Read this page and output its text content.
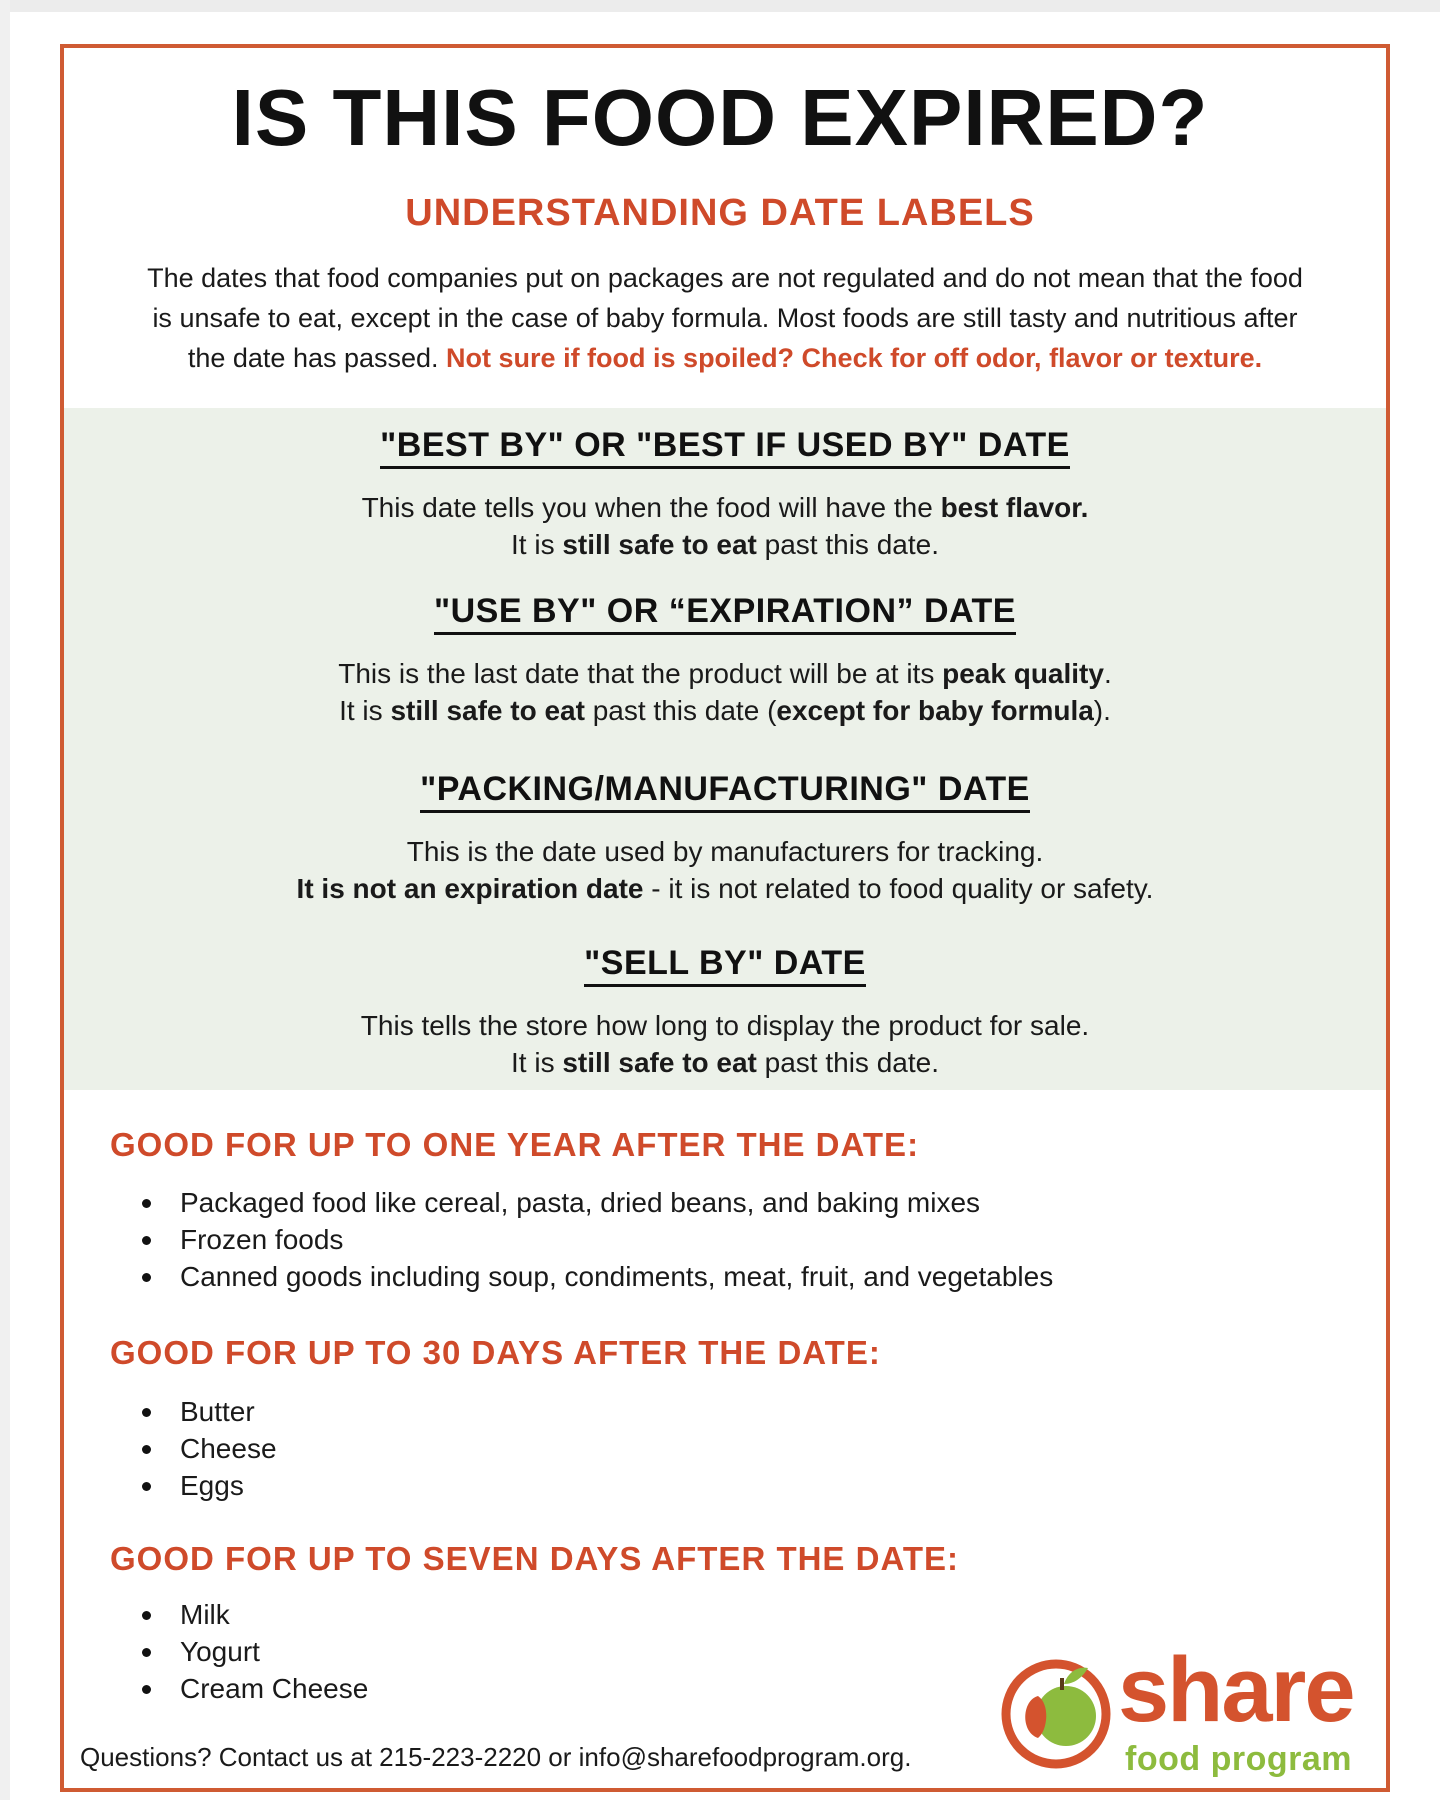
IS THIS FOOD EXPIRED?
UNDERSTANDING DATE LABELS

The dates that food companies put on packages are not regulated and do not mean that the food
is unsafe to eat, except in the case of baby formula. Most foods are still tasty and nutritious after
the date has passed. Not sure if food is spoiled? Check for off odor, flavor or texture.

"BEST BY" OR "BEST IF USED BY" DATE
This date tells you when the food will have the best flavor.
It is still safe to eat past this date.
"USE BY" OR “EXPIRATION” DATE
This is the last date that the product will be at its peak quality.
It is still safe to eat past this date (except for baby formula).
"PACKING/MANUFACTURING" DATE
This is the date used by manufacturers for tracking.
It is not an expiration date - it is not related to food quality or safety.
"SELL BY" DATE
This tells the store how long to display the product for sale.
It is still safe to eat past this date.
GOOD FOR UP TO ONE YEAR AFTER THE DATE:
Packaged food like cereal, pasta, dried beans, and baking mixes
Frozen foods
Canned goods including soup, condiments, meat, fruit, and vegetables
GOOD FOR UP TO 30 DAYS AFTER THE DATE:
Butter
Cheese
Eggs
GOOD FOR UP TO SEVEN DAYS AFTER THE DATE:
Milk
Yogurt
Cream Cheese

Questions? Contact us at 215-223-2220 or info@sharefoodprogram.org.

share
food program
